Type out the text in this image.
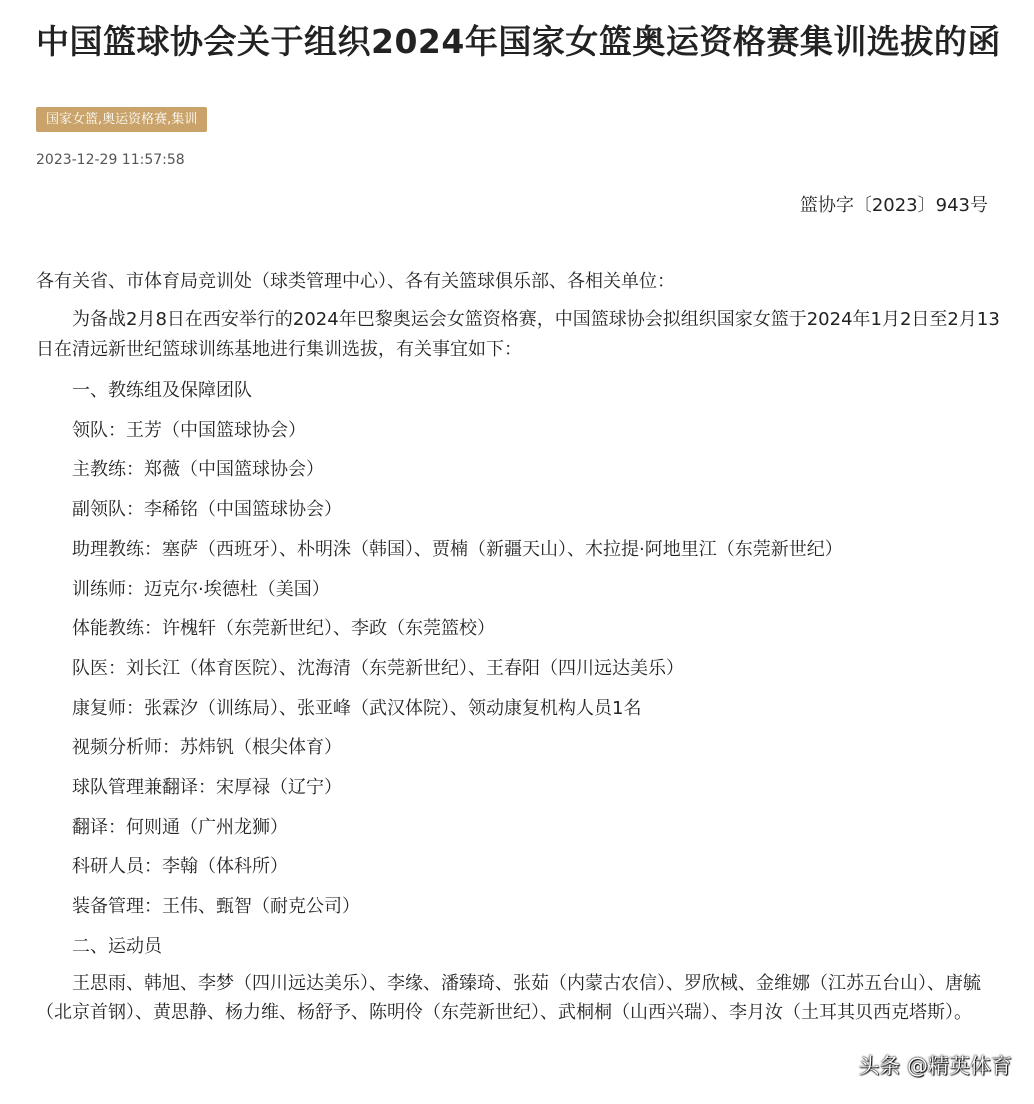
中国篮球协会关于组织2024年国家女篮奥运资格赛集训选拔的函
国家女篮,奥运资格赛,集训
2023-12-29 11:57:58
篮协字〔2023〕943号
各有关省、市体育局竞训处（球类管理中心）、各有关篮球俱乐部、各相关单位：
为备战2月8日在西安举行的2024年巴黎奥运会女篮资格赛，中国篮球协会拟组织国家女篮于2024年1月2日至2月13日在清远新世纪篮球训练基地进行集训选拔，有关事宜如下：
一、教练组及保障团队
领队：王芳（中国篮球协会）
主教练：郑薇（中国篮球协会）
副领队：李稀铭（中国篮球协会）
助理教练：塞萨（西班牙）、朴明洙（韩国）、贾楠（新疆天山）、木拉提·阿地里江（东莞新世纪）
训练师：迈克尔·埃德杜（美国）
体能教练：许槐轩（东莞新世纪）、李政（东莞篮校）
队医：刘长江（体育医院）、沈海清（东莞新世纪）、王春阳（四川远达美乐）
康复师：张霖汐（训练局）、张亚峰（武汉体院）、领动康复机构人员1名
视频分析师：苏炜钒（根尖体育）
球队管理兼翻译：宋厚禄（辽宁）
翻译：何则通（广州龙狮）
科研人员：李翰（体科所）
装备管理：王伟、甄智（耐克公司）
二、运动员
王思雨、韩旭、李梦（四川远达美乐）、李缘、潘臻琦、张茹（内蒙古农信）、罗欣棫、金维娜（江苏五台山）、唐毓（北京首钢）、黄思静、杨力维、杨舒予、陈明伶（东莞新世纪）、武桐桐（山西兴瑞）、李月汝（土耳其贝西克塔斯）。
头条 @精英体育
